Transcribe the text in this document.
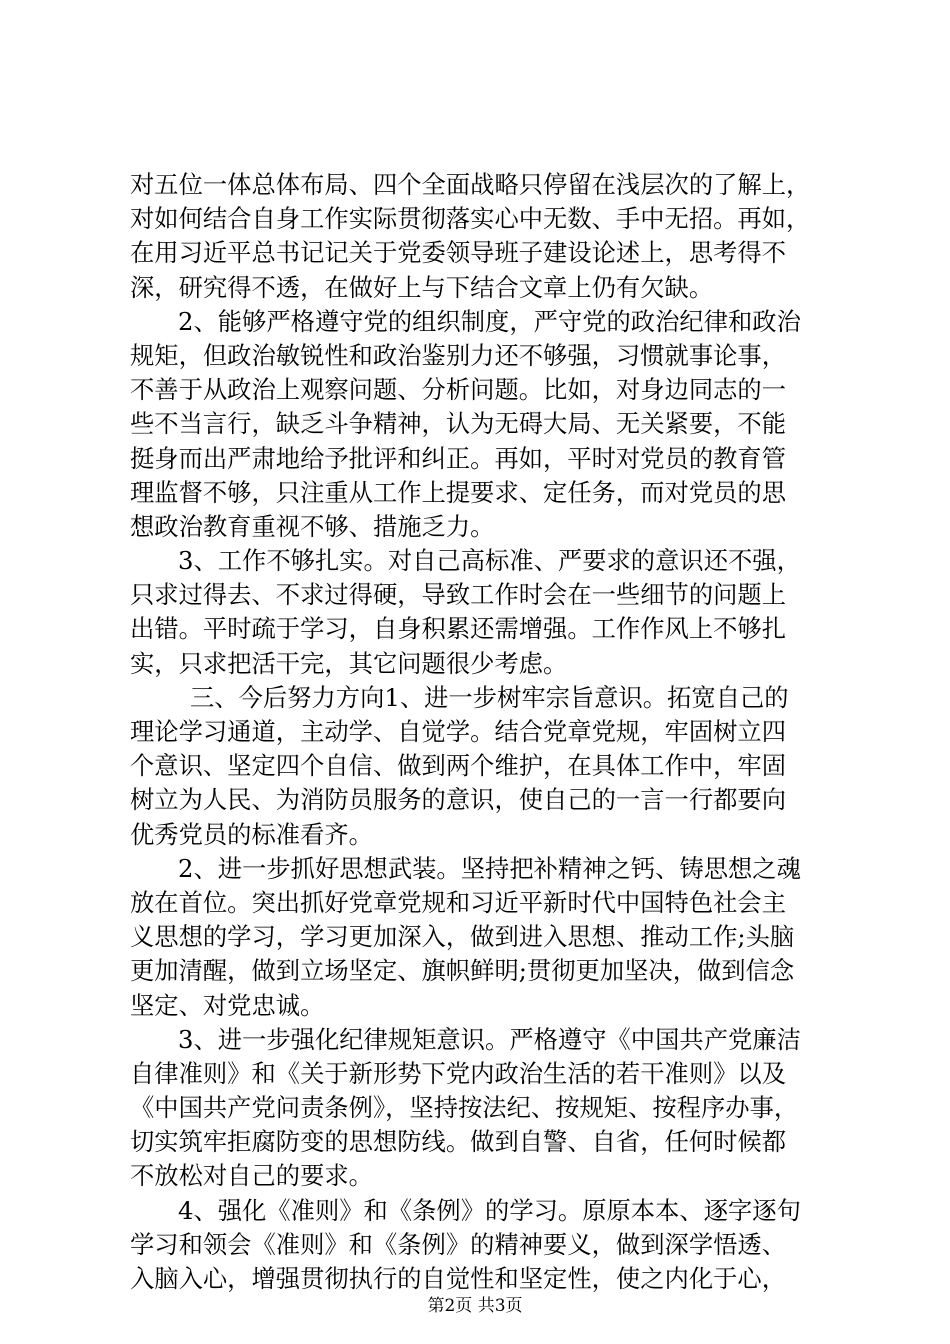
对五位一体总体布局、四个全面战略只停留在浅层次的了解上，
对如何结合自身工作实际贯彻落实心中无数、手中无招。再如，
在用习近平总书记记关于党委领导班子建设论述上，思考得不
深，研究得不透，在做好上与下结合文章上仍有欠缺。
2、能够严格遵守党的组织制度，严守党的政治纪律和政治
规矩，但政治敏锐性和政治鉴别力还不够强，习惯就事论事，
不善于从政治上观察问题、分析问题。比如，对身边同志的一
些不当言行，缺乏斗争精神，认为无碍大局、无关紧要，不能
挺身而出严肃地给予批评和纠正。再如，平时对党员的教育管
理监督不够，只注重从工作上提要求、定任务，而对党员的思
想政治教育重视不够、措施乏力。
3、工作不够扎实。对自己高标准、严要求的意识还不强，
只求过得去、不求过得硬，导致工作时会在一些细节的问题上
出错。平时疏于学习，自身积累还需增强。工作作风上不够扎
实，只求把活干完，其它问题很少考虑。
三、今后努力方向1、进一步树牢宗旨意识。拓宽自己的
理论学习通道，主动学、自觉学。结合党章党规，牢固树立四
个意识、坚定四个自信、做到两个维护，在具体工作中，牢固
树立为人民、为消防员服务的意识，使自己的一言一行都要向
优秀党员的标准看齐。
2、进一步抓好思想武装。坚持把补精神之钙、铸思想之魂
放在首位。突出抓好党章党规和习近平新时代中国特色社会主
义思想的学习，学习更加深入，做到进入思想、推动工作;头脑
更加清醒，做到立场坚定、旗帜鲜明;贯彻更加坚决，做到信念
坚定、对党忠诚。
3、进一步强化纪律规矩意识。严格遵守《中国共产党廉洁
自律准则》和《关于新形势下党内政治生活的若干准则》以及
《中国共产党问责条例》，坚持按法纪、按规矩、按程序办事，
切实筑牢拒腐防变的思想防线。做到自警、自省，任何时候都
不放松对自己的要求。
4、强化《准则》和《条例》的学习。原原本本、逐字逐句
学习和领会《准则》和《条例》的精神要义，做到深学悟透、
入脑入心，增强贯彻执行的自觉性和坚定性，使之内化于心，
第2页 共3页
